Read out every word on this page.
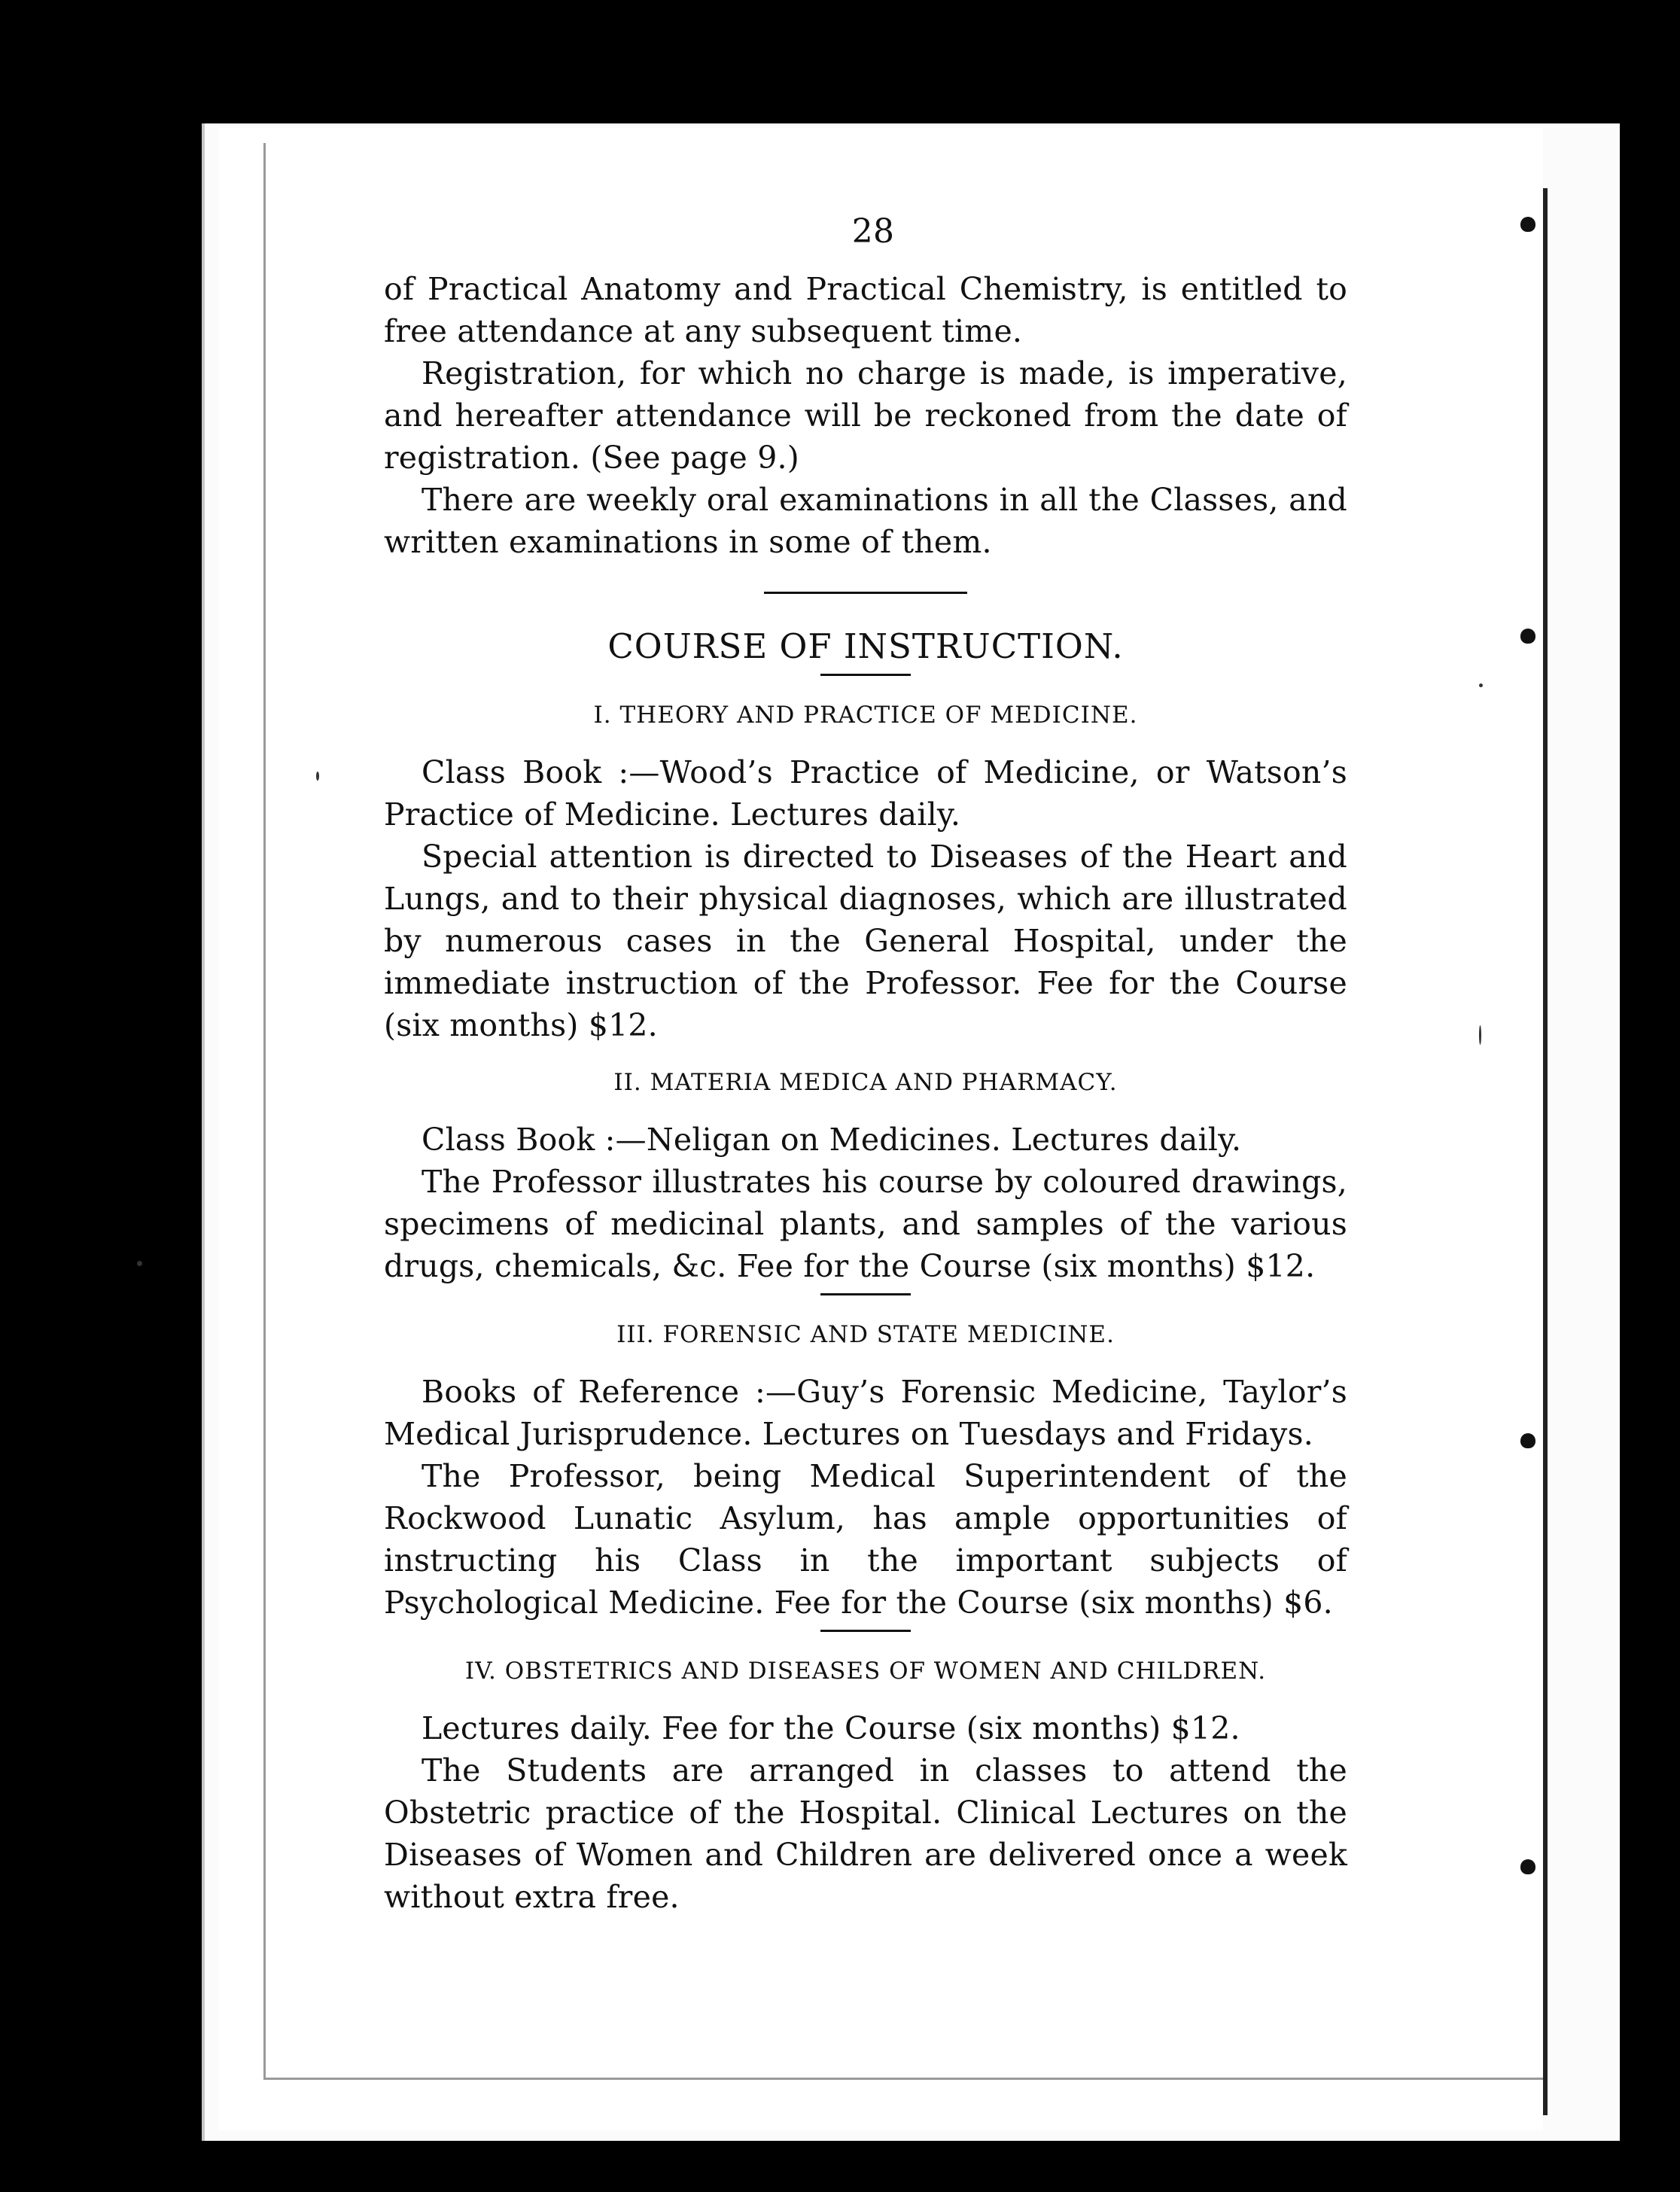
28

of Practical Anatomy and Practical Chemistry, is entitled to free attendance at any subsequent time.

Registration, for which no charge is made, is imperative, and hereafter attendance will be reckoned from the date of registration. (See page 9.)

There are weekly oral examinations in all the Classes, and written examinations in some of them.

COURSE OF INSTRUCTION.
I. THEORY AND PRACTICE OF MEDICINE.

Class Book :—Wood’s Practice of Medicine, or Watson’s Practice of Medicine. Lectures daily.

Special attention is directed to Diseases of the Heart and Lungs, and to their physical diagnoses, which are illustrated by numerous cases in the General Hospital, under the immediate instruction of the Professor. Fee for the Course (six months) $12.

II. MATERIA MEDICA AND PHARMACY.

Class Book :—Neligan on Medicines. Lectures daily.

The Professor illustrates his course by coloured drawings, specimens of medicinal plants, and samples of the various drugs, chemicals, &c. Fee for the Course (six months) $12.

III. FORENSIC AND STATE MEDICINE.

Books of Reference :—Guy’s Forensic Medicine, Taylor’s Medical Jurisprudence. Lectures on Tuesdays and Fridays.

The Professor, being Medical Superintendent of the Rockwood Lunatic Asylum, has ample opportunities of instructing his Class in the important subjects of Psychological Medicine. Fee for the Course (six months) $6.

IV. OBSTETRICS AND DISEASES OF WOMEN AND CHILDREN.

Lectures daily. Fee for the Course (six months) $12.

The Students are arranged in classes to attend the Obstetric practice of the Hospital. Clinical Lectures on the Diseases of Women and Children are delivered once a week without extra free.
